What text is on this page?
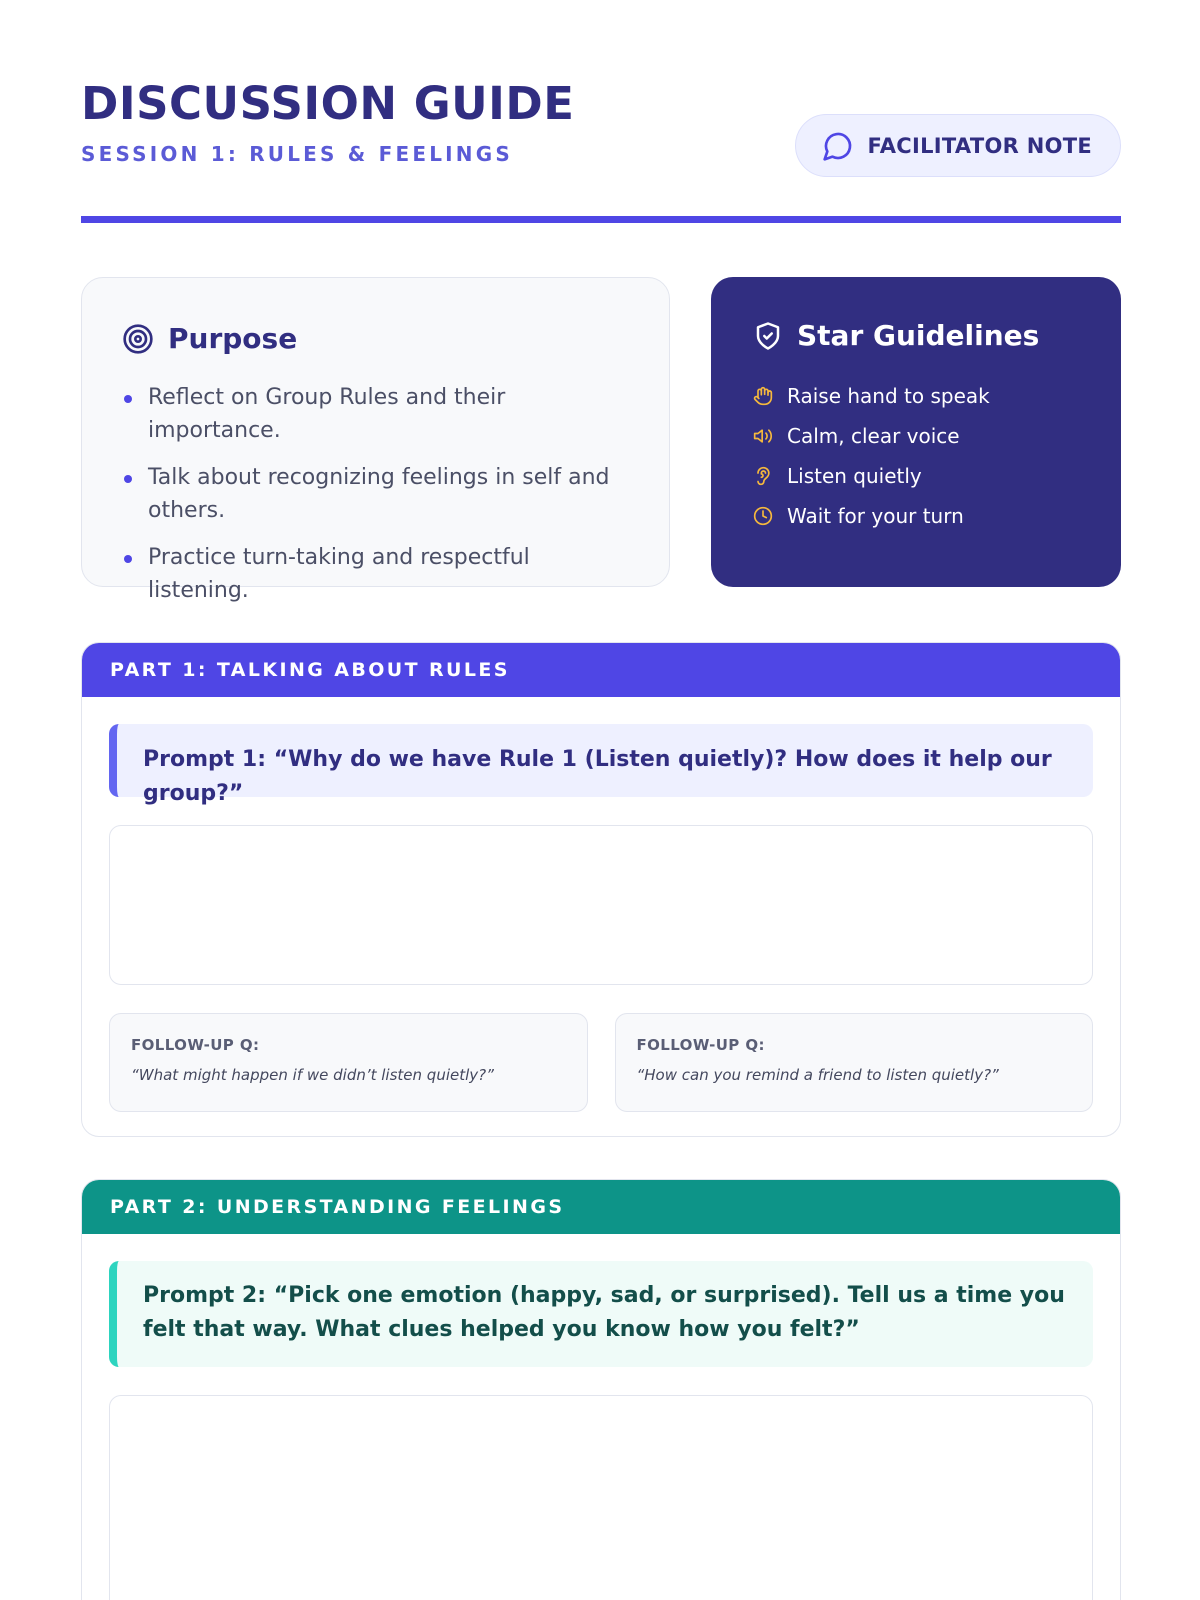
DISCUSSION GUIDE
SESSION 1: RULES & FEELINGS	FACILITATOR NOTE
Purpose
Reflect on Group Rules and their importance.
Talk about recognizing feelings in self and others.
Practice turn-taking and respectful listening.
Star Guidelines
Raise hand to speak
Calm, clear voice
Listen quietly
Wait for your turn
PART 1: TALKING ABOUT RULES
Prompt 1: “Why do we have Rule 1 (Listen quietly)? How does it help our group?”
FOLLOW-UP Q:
“What might happen if we didn’t listen quietly?”
FOLLOW-UP Q:
“How can you remind a friend to listen quietly?”
PART 2: UNDERSTANDING FEELINGS
Prompt 2: “Pick one emotion (happy, sad, or surprised). Tell us a time you felt that way. What clues helped you know how you felt?”
